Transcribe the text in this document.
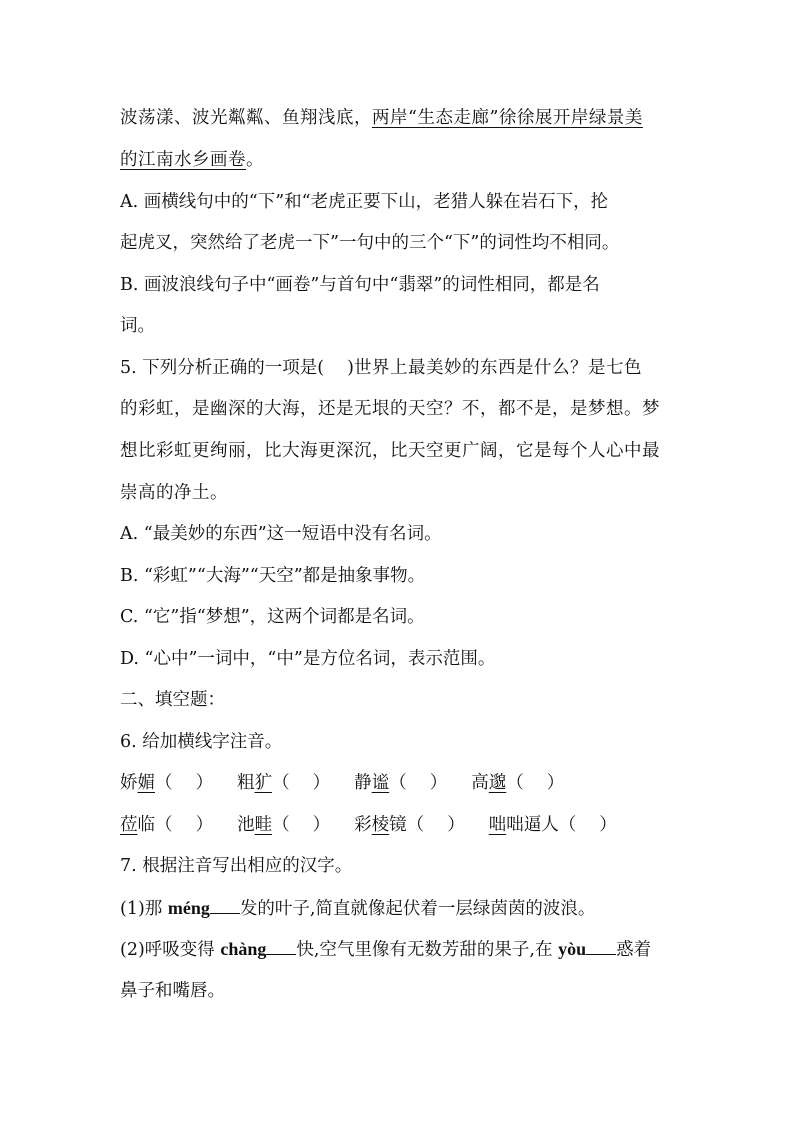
波荡漾、波光粼粼、鱼翔浅底，两岸“生态走廊”徐徐展开岸绿景美
的江南水乡画卷。
A. 画横线句中的“下”和“老虎正要下山，老猎人躲在岩石下，抡
起虎叉，突然给了老虎一下”一句中的三个“下”的词性均不相同。
B. 画波浪线句子中“画卷”与首句中“翡翠”的词性相同，都是名
词。
5. 下列分析正确的一项是(　 )世界上最美妙的东西是什么？是七色
的彩虹，是幽深的大海，还是无垠的天空？不，都不是，是梦想。梦
想比彩虹更绚丽，比大海更深沉，比天空更广阔，它是每个人心中最
崇高的净土。
A. “最美妙的东西”这一短语中没有名词。
B. “彩虹”“大海”“天空”都是抽象事物。
C. “它”指“梦想”，这两个词都是名词。
D. “心中”一词中，“中”是方位名词，表示范围。
二、填空题：
6. 给加横线字注音。
娇媚（　 ） 粗犷（　 ） 静谧（　 ） 高邈（　 ）
莅临（　 ） 池畦（　 ） 彩棱镜（　 ） 咄咄逼人（　 ）
7. 根据注音写出相应的汉字。
(1)那 méng 发的叶子,简直就像起伏着一层绿茵茵的波浪。
(2)呼吸变得 chàng 快,空气里像有无数芳甜的果子,在 yòu 惑着
鼻子和嘴唇。
